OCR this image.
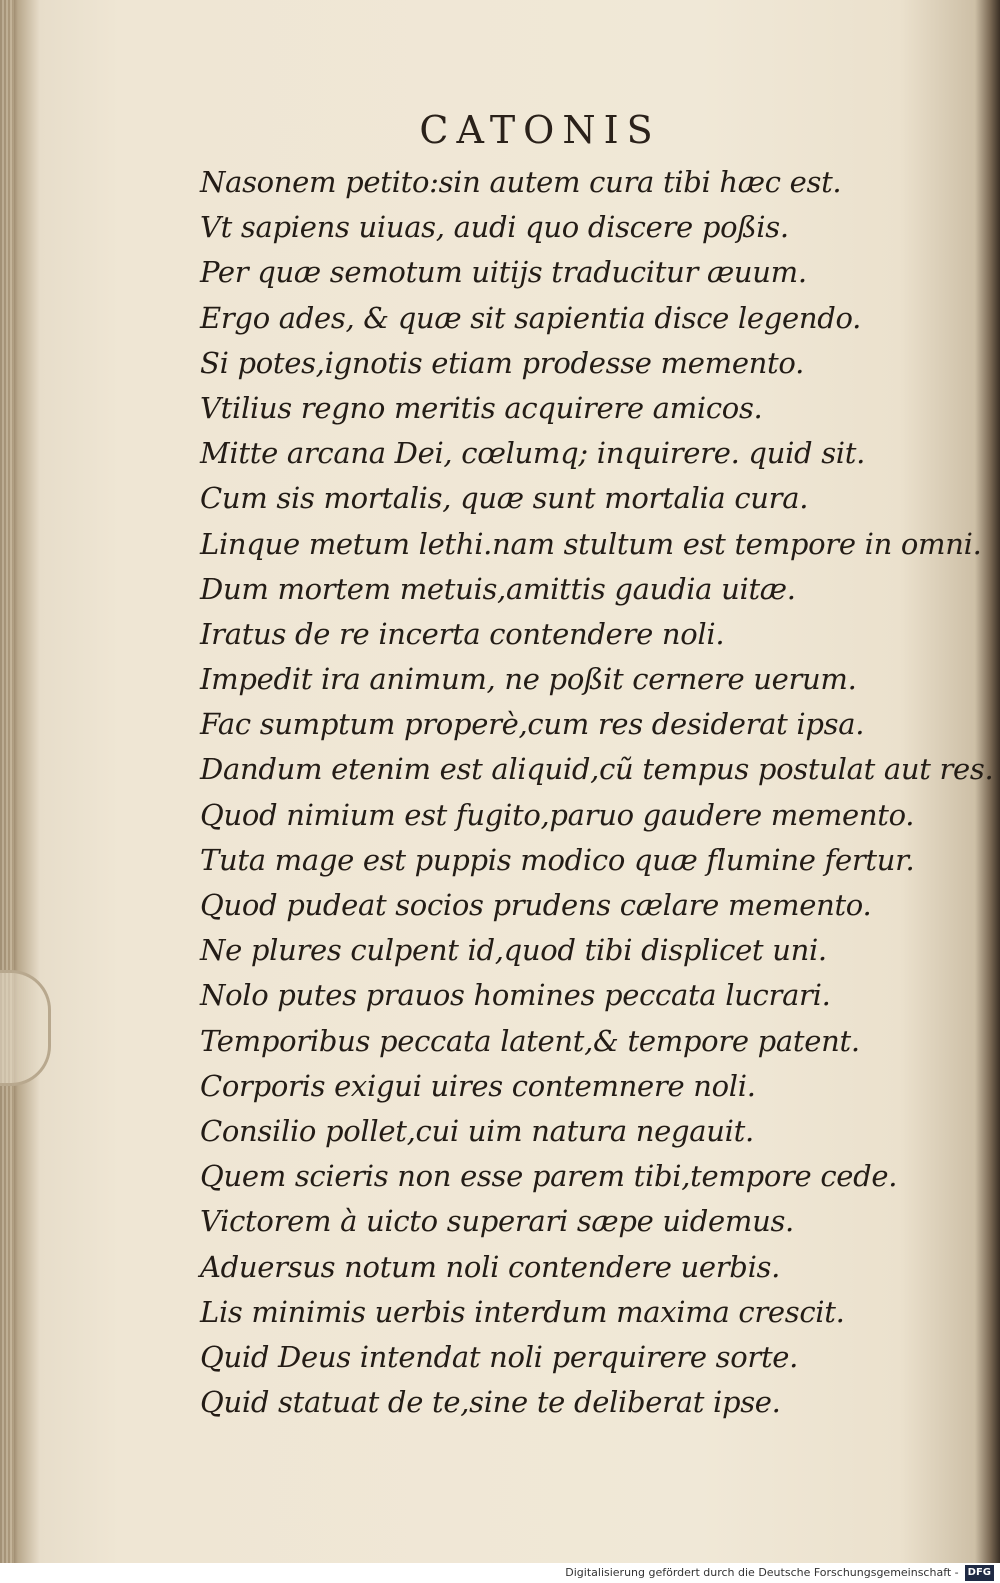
CATONIS
Nasonem petito:sin autem cura tibi hæc est.
Vt sapiens uiuas, audi quo discere poßis.
Per quæ semotum uitijs traducitur æuum.
Ergo ades, & quæ sit sapientia disce legendo.
Si potes,ignotis etiam prodesse memento.
Vtilius regno meritis acquirere amicos.
Mitte arcana Dei, cœlumq; inquirere. quid sit.
Cum sis mortalis, quæ sunt mortalia cura.
Linque metum lethi.nam stultum est tempore in omni.
Dum mortem metuis,amittis gaudia uitæ.
Iratus de re incerta contendere noli.
Impedit ira animum, ne poßit cernere uerum.
Fac sumptum properè,cum res desiderat ipsa.
Dandum etenim est aliquid,cũ tempus postulat aut res.
Quod nimium est fugito,paruo gaudere memento.
Tuta mage est puppis modico quæ flumine fertur.
Quod pudeat socios prudens cælare memento.
Ne plures culpent id,quod tibi displicet uni.
Nolo putes prauos homines peccata lucrari.
Temporibus peccata latent,& tempore patent.
Corporis exigui uires contemnere noli.
Consilio pollet,cui uim natura negauit.
Quem scieris non esse parem tibi,tempore cede.
Victorem à uicto superari sæpe uidemus.
Aduersus notum noli contendere uerbis.
Lis minimis uerbis interdum maxima crescit.
Quid Deus intendat noli perquirere sorte.
Quid statuat de te,sine te deliberat ipse.
Digitalisierung gefördert durch die Deutsche Forschungsgemeinschaft - DFG
